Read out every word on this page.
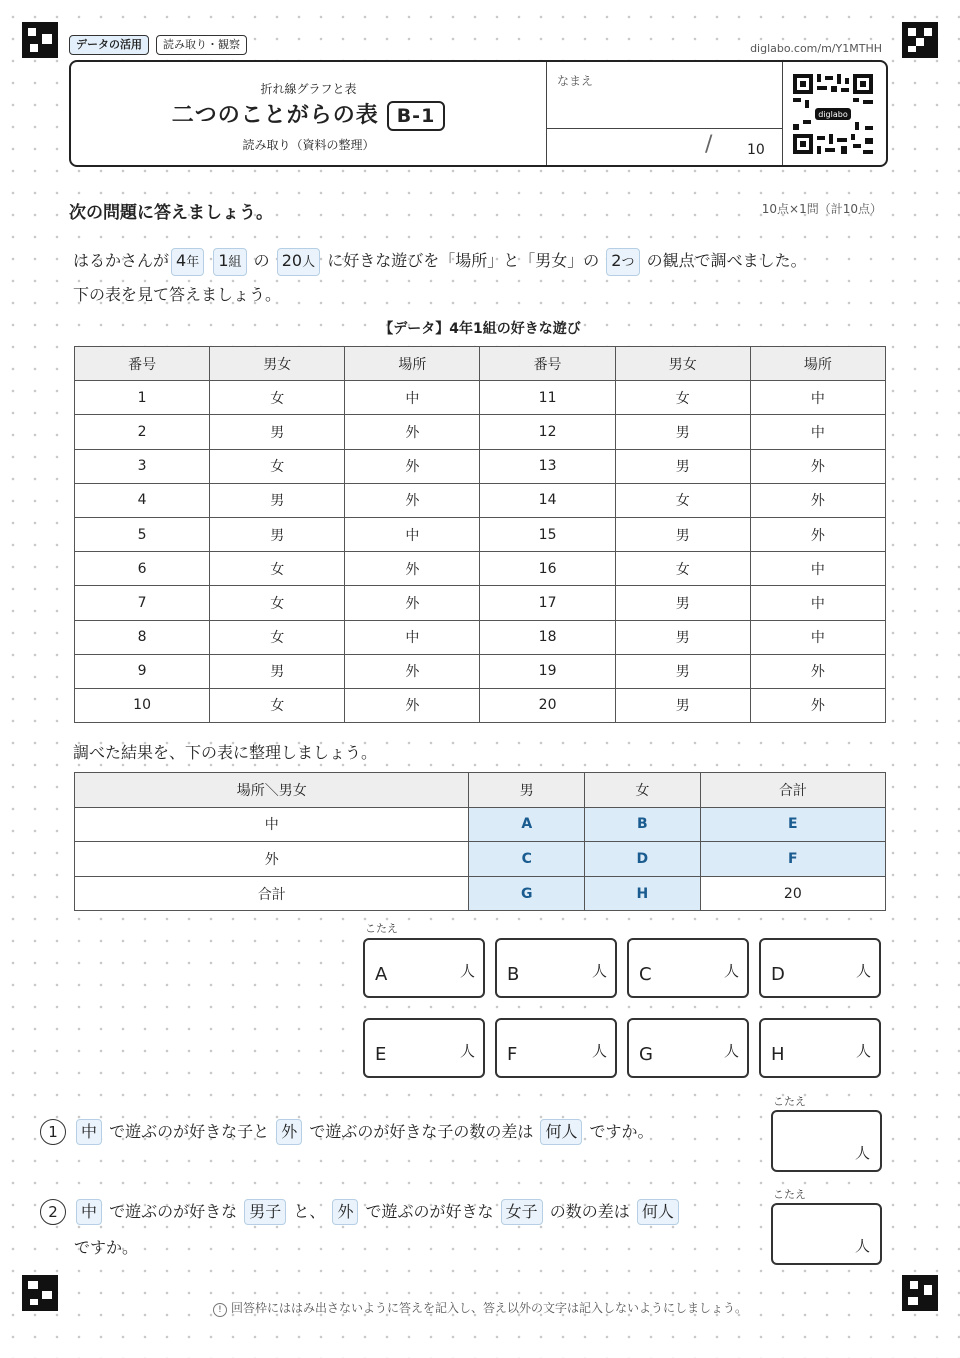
データの活用	読み取り・観察	diglabo.com/m/Y1MTHH
折れ線グラフと表
二つのことがらの表 B-1
読み取り（資料の整理）
なまえ
/ 10
diglabo
次の問題に答えましょう。	10点×1問（計10点）
はるかさんが 4年 1組 の 20人 に好きな遊びを「場所」と「男女」の 2つ の観点で調べました。
下の表を見て答えましょう。
【データ】4年1組の好きな遊び
番号	男女	場所	番号	男女	場所
1	女	中	11	女	中
2	男	外	12	男	中
3	女	外	13	男	外
4	男	外	14	女	外
5	男	中	15	男	外
6	女	外	16	女	中
7	女	外	17	男	中
8	女	中	18	男	中
9	男	外	19	男	外
10	女	外	20	男	外
調べた結果を、下の表に整理しましょう。
場所＼男女	男	女	合計
中	A	B	E
外	C	D	F
合計	G	H	20
こたえ
A	人 B	人 C	人 D	人
E	人 F	人 G	人 H	人
1 中 で遊ぶのが好きな子と 外 で遊ぶのが好きな子の数の差は 何人 ですか。
こたえ
人
2 中 で遊ぶのが好きな 男子 と、 外 で遊ぶのが好きな 女子 の数の差は 何人
ですか。
こたえ
人
! 回答枠にははみ出さないように答えを記入し、答え以外の文字は記入しないようにしましょう。
